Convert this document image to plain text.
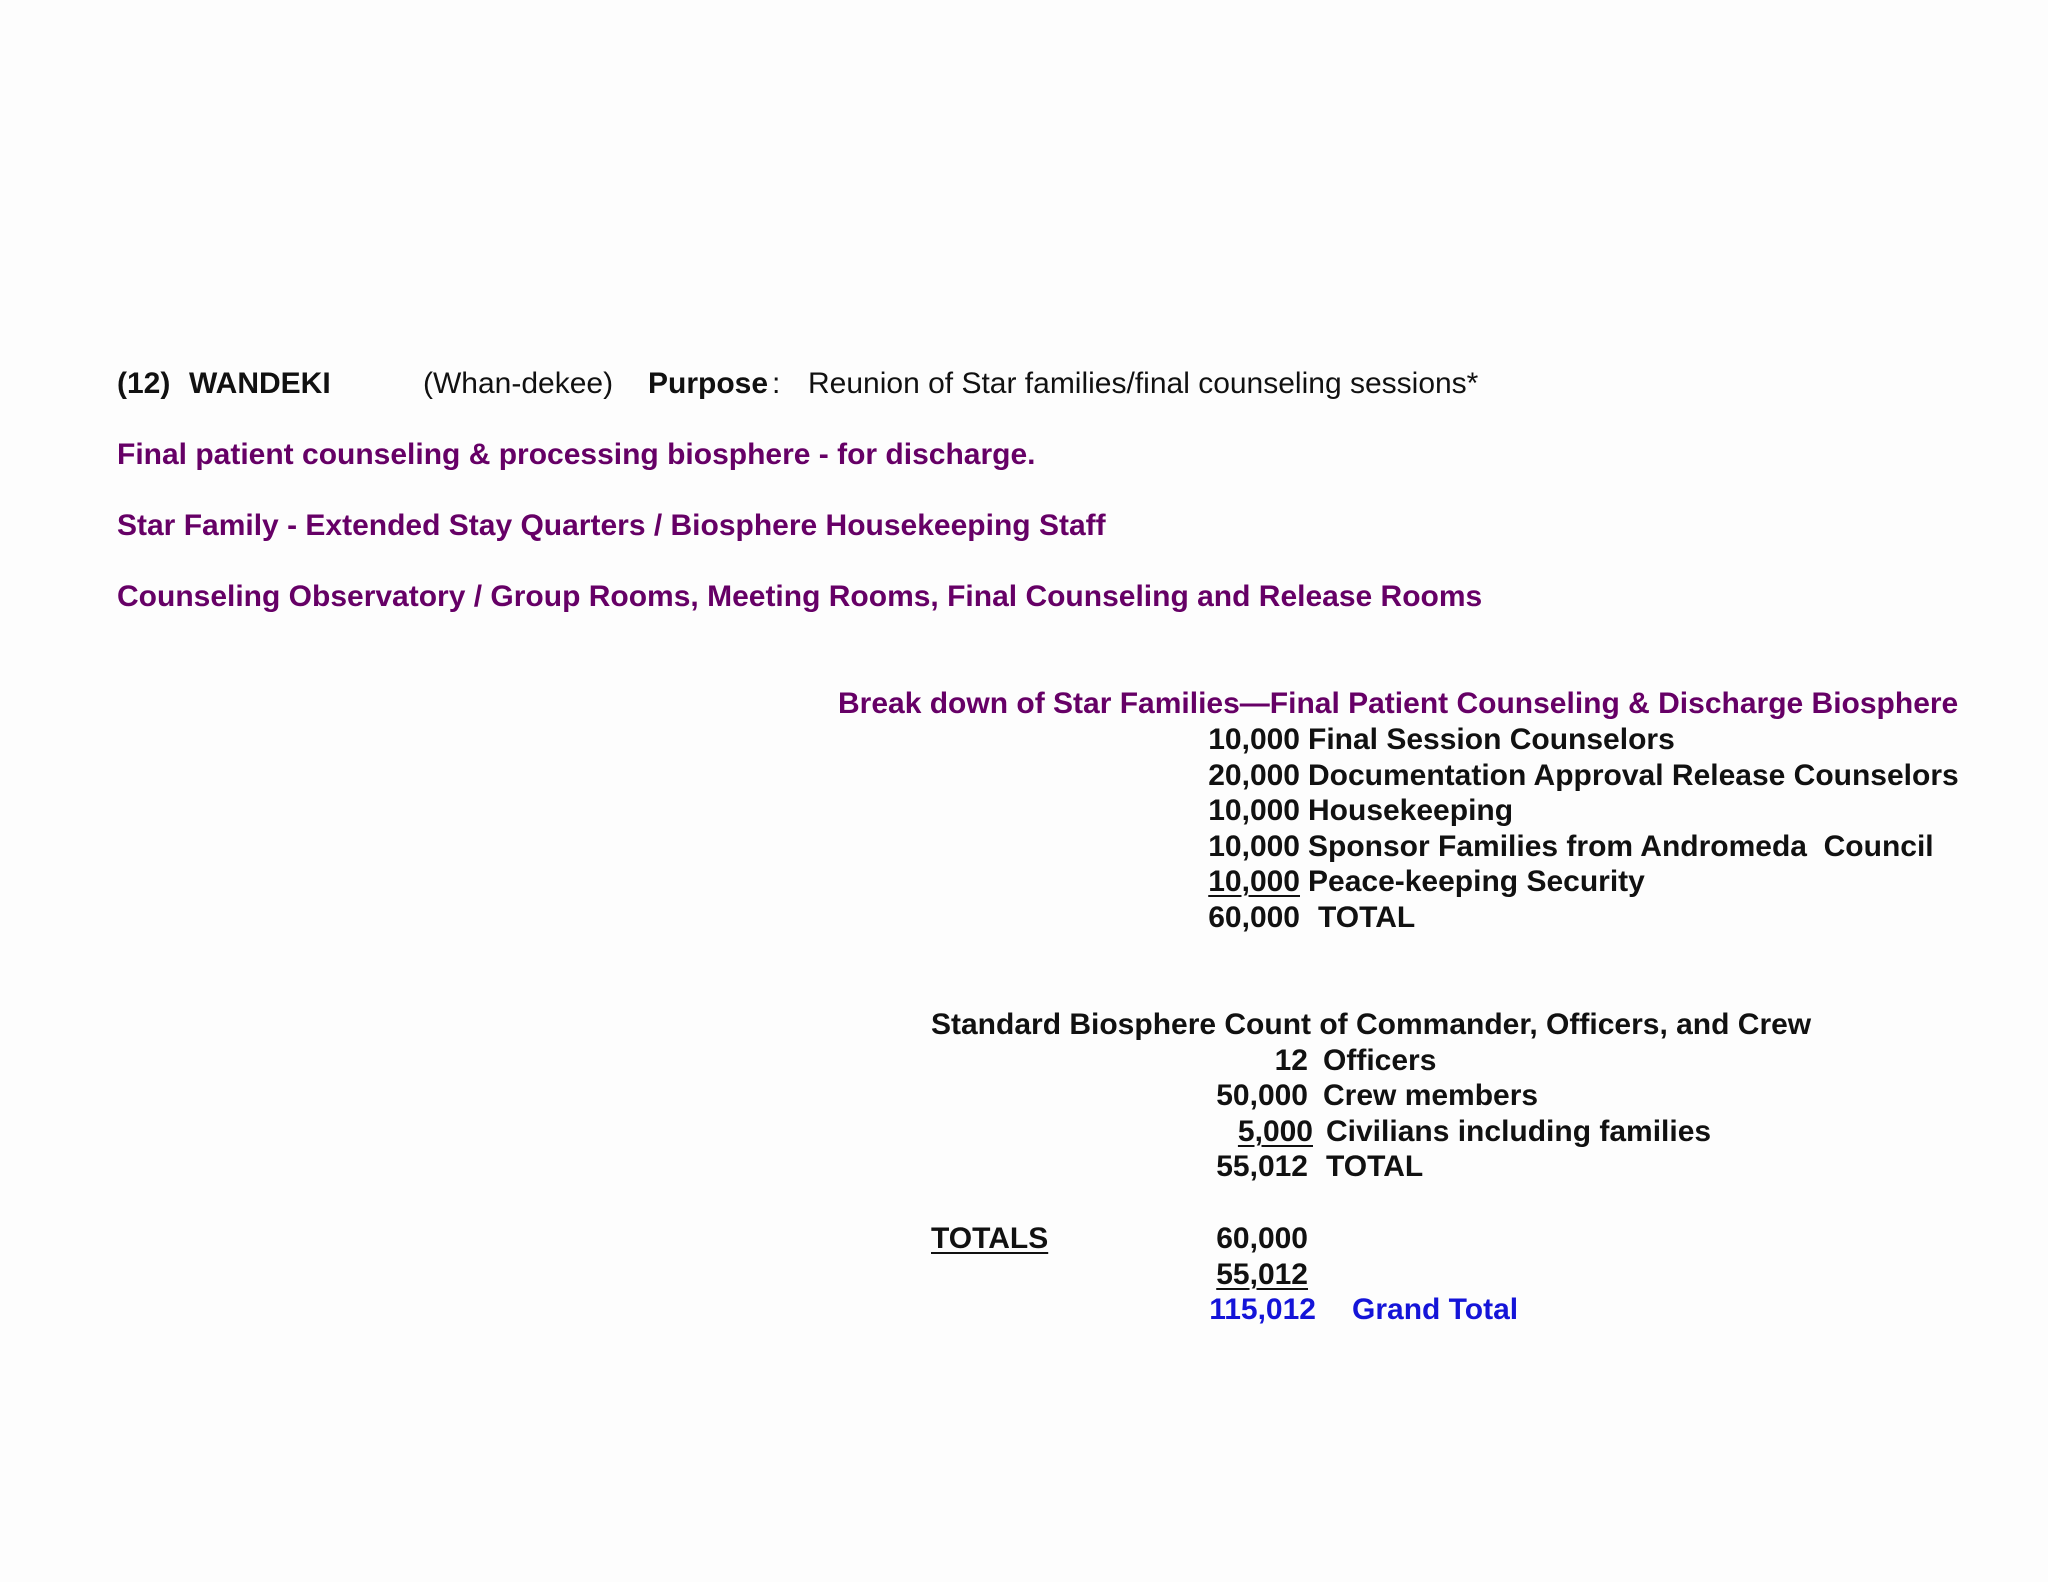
(12) WANDEKI	(Whan-dekee) Purpose : Reunion of Star families/final counseling sessions*
Final patient counseling & processing biosphere - for discharge.
Star Family - Extended Stay Quarters / Biosphere Housekeeping Staff
Counseling Observatory / Group Rooms, Meeting Rooms, Final Counseling and Release Rooms
Break down of Star Families—Final Patient Counseling & Discharge Biosphere
10,000 Final Session Counselors
20,000 Documentation Approval Release Counselors
10,000 Housekeeping
10,000 Sponsor Families from Andromeda  Council
10,000 Peace-keeping Security
60,000 TOTAL
Standard Biosphere Count of Commander, Officers, and Crew
12 Officers
50,000 Crew members
5,000 Civilians including families
55,012 TOTAL
TOTALS	60,000
55,012
115,012 Grand Total
